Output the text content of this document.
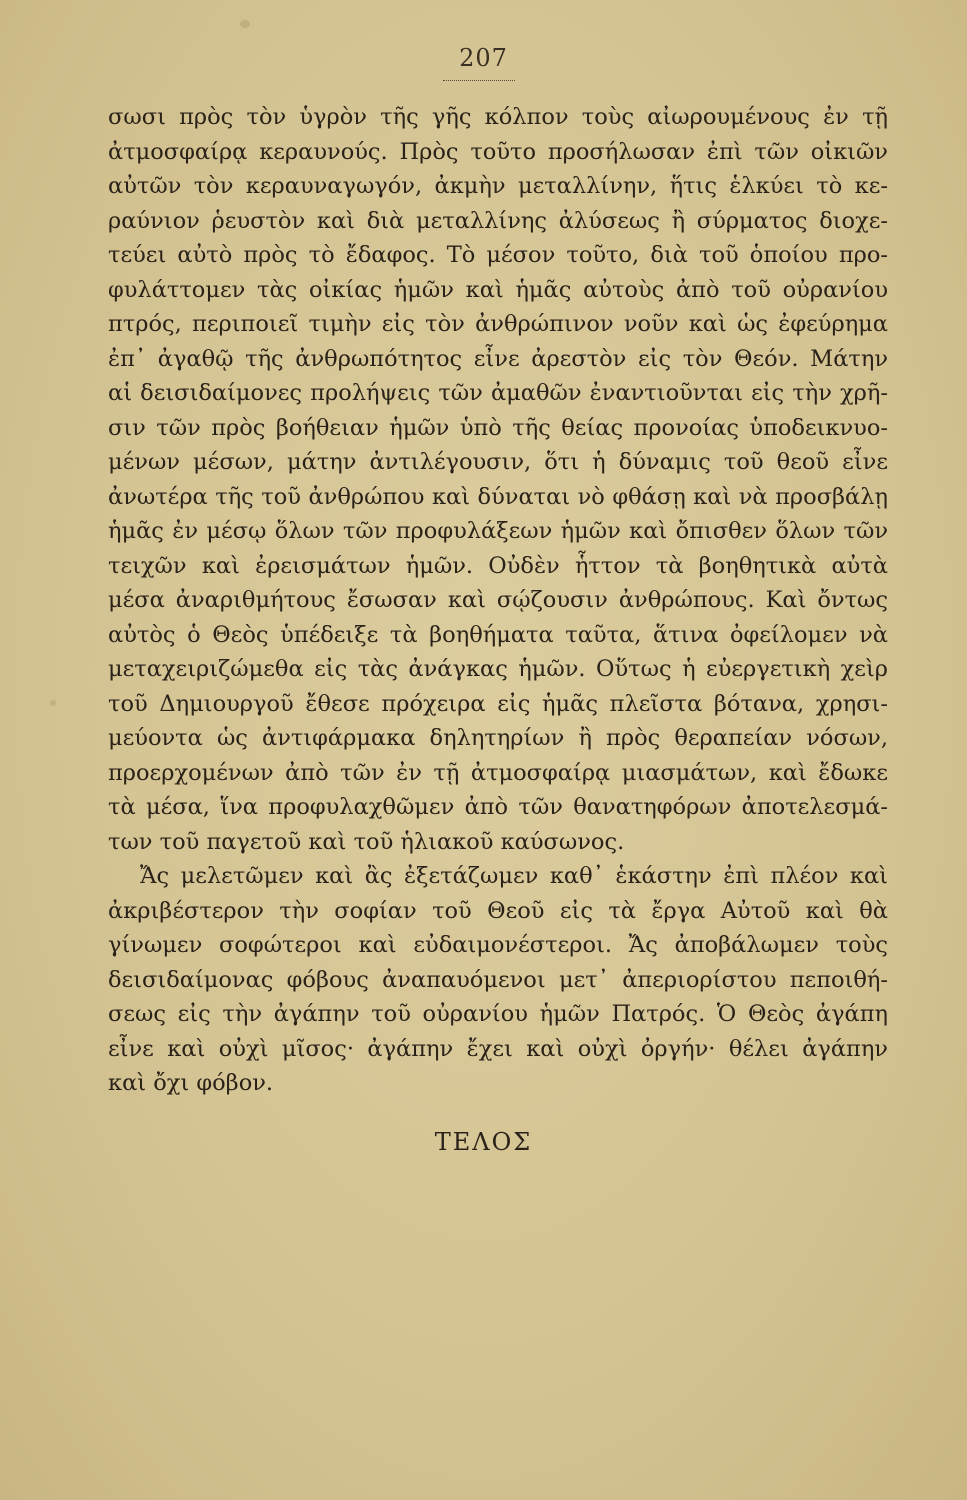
207
σωσι πρὸς τὸν ὑγρὸν τῆς γῆς κόλπον τοὺς αἰωρουμένους ἐν τῇ
ἀτμοσφαίρᾳ κεραυνούς. Πρὸς τοῦτο προσήλωσαν ἐπὶ τῶν οἰκιῶν
αὐτῶν τὸν κεραυναγωγόν, ἀκμὴν μεταλλίνην, ἥτις ἑλκύει τὸ κε-
ραύνιον ῥευστὸν καὶ διὰ μεταλλίνης ἀλύσεως ἢ σύρματος διοχε-
τεύει αὐτὸ πρὸς τὸ ἔδαφος. Τὸ μέσον τοῦτο, διὰ τοῦ ὁποίου προ-
φυλάττομεν τὰς οἰκίας ἡμῶν καὶ ἡμᾶς αὐτοὺς ἀπὸ τοῦ οὐρανίου
πτρός, περιποιεῖ τιμὴν εἰς τὸν ἀνθρώπινον νοῦν καὶ ὡς ἐφεύρημα
ἐπ᾽ ἀγαθῷ τῆς ἀνθρωπότητος εἶνε ἀρεστὸν εἰς τὸν Θεόν. Μάτην
αἱ δεισιδαίμονες προλήψεις τῶν ἀμαθῶν ἐναντιοῦνται εἰς τὴν χρῆ-
σιν τῶν πρὸς βοήθειαν ἡμῶν ὑπὸ τῆς θείας προνοίας ὑποδεικνυο-
μένων μέσων, μάτην ἀντιλέγουσιν, ὅτι ἡ δύναμις τοῦ θεοῦ εἶνε
ἀνωτέρα τῆς τοῦ ἀνθρώπου καὶ δύναται νὸ φθάσῃ καὶ νὰ προσβάλῃ
ἡμᾶς ἐν μέσῳ ὅλων τῶν προφυλάξεων ἡμῶν καὶ ὄπισθεν ὅλων τῶν
τειχῶν καὶ ἐρεισμάτων ἡμῶν. Οὐδὲν ἧττον τὰ βοηθητικὰ αὐτὰ
μέσα ἀναριθμήτους ἔσωσαν καὶ σῴζουσιν ἀνθρώπους. Καὶ ὄντως
αὐτὸς ὁ Θεὸς ὑπέδειξε τὰ βοηθήματα ταῦτα, ἅτινα ὀφείλομεν νὰ
μεταχειριζώμεθα εἰς τὰς ἀνάγκας ἡμῶν. Οὕτως ἡ εὐεργετικὴ χεὶρ
τοῦ Δημιουργοῦ ἔθεσε πρόχειρα εἰς ἡμᾶς πλεῖστα βότανα, χρησι-
μεύοντα ὡς ἀντιφάρμακα δηλητηρίων ἢ πρὸς θεραπείαν νόσων,
προερχομένων ἀπὸ τῶν ἐν τῇ ἀτμοσφαίρᾳ μιασμάτων, καὶ ἔδωκε
τὰ μέσα, ἵνα προφυλαχθῶμεν ἀπὸ τῶν θανατηφόρων ἀποτελεσμά-
των τοῦ παγετοῦ καὶ τοῦ ἡλιακοῦ καύσωνος.
Ἄς μελετῶμεν καὶ ἂς ἐξετάζωμεν καθ᾽ ἑκάστην ἐπὶ πλέον καὶ
ἀκριβέστερον τὴν σοφίαν τοῦ Θεοῦ εἰς τὰ ἔργα Αὐτοῦ καὶ θὰ
γίνωμεν σοφώτεροι καὶ εὐδαιμονέστεροι. Ἄς ἀποβάλωμεν τοὺς
δεισιδαίμονας φόβους ἀναπαυόμενοι μετ᾽ ἀπεριορίστου πεποιθή-
σεως εἰς τὴν ἀγάπην τοῦ οὐρανίου ἡμῶν Πατρός. Ὁ Θεὸς ἀγάπη
εἶνε καὶ οὐχὶ μῖσος· ἀγάπην ἔχει καὶ οὐχὶ ὀργήν· θέλει ἀγάπην
καὶ ὄχι φόβον.
ΤΕΛΟΣ
